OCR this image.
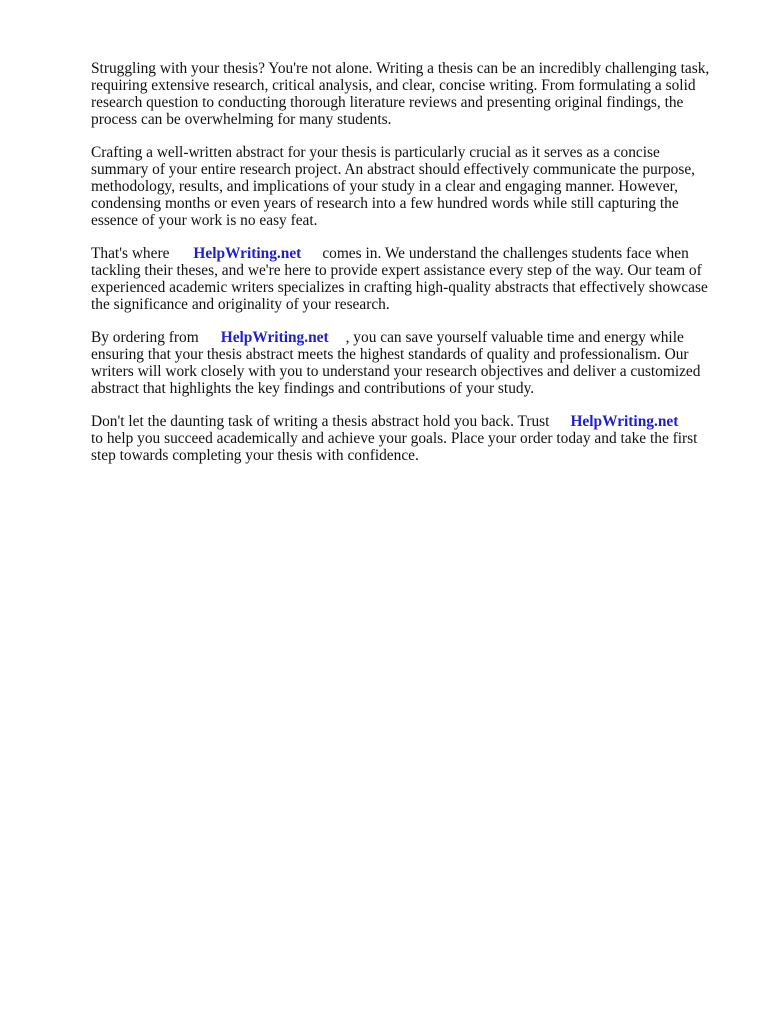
Struggling with your thesis? You're not alone. Writing a thesis can be an incredibly challenging task,
requiring extensive research, critical analysis, and clear, concise writing. From formulating a solid
research question to conducting thorough literature reviews and presenting original findings, the
process can be overwhelming for many students.

Crafting a well-written abstract for your thesis is particularly crucial as it serves as a concise
summary of your entire research project. An abstract should effectively communicate the purpose,
methodology, results, and implications of your study in a clear and engaging manner. However,
condensing months or even years of research into a few hundred words while still capturing the
essence of your work is no easy feat.

That's where HelpWriting.net comes in. We understand the challenges students face when
tackling their theses, and we're here to provide expert assistance every step of the way. Our team of
experienced academic writers specializes in crafting high-quality abstracts that effectively showcase
the significance and originality of your research.

By ordering from HelpWriting.net , you can save yourself valuable time and energy while
ensuring that your thesis abstract meets the highest standards of quality and professionalism. Our
writers will work closely with you to understand your research objectives and deliver a customized
abstract that highlights the key findings and contributions of your study.

Don't let the daunting task of writing a thesis abstract hold you back. Trust HelpWriting.net
to help you succeed academically and achieve your goals. Place your order today and take the first
step towards completing your thesis with confidence.
